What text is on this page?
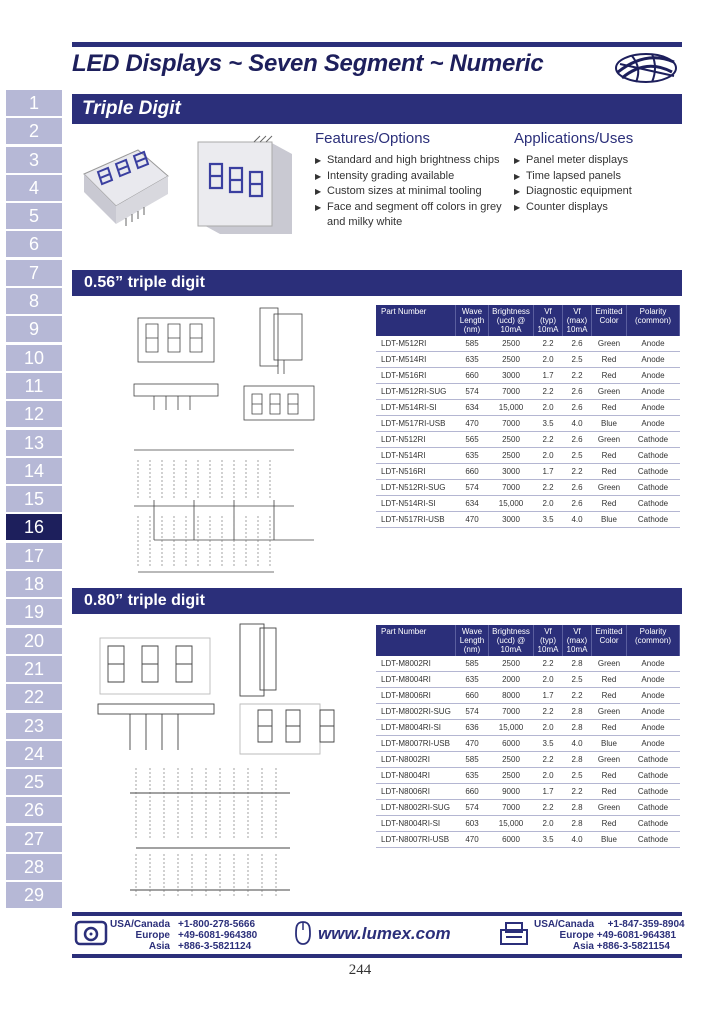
LED Displays ~ Seven Segment ~ Numeric
1
2
3
4
5
6
7
8
9
10
11
12
13
14
15
16
17
18
19
20
21
22
23
24
25
26
27
28
29
Triple Digit
Features/Options
▶ Standard and high brightness chips
▶ Intensity grading available
▶ Custom sizes at minimal tooling
▶ Face and segment off colors in grey and milky white
Applications/Uses
▶ Panel meter displays
▶ Time lapsed panels
▶ Diagnostic equipment
▶ Counter displays
0.56” triple digit
Part Number	Wave Length (nm)	Brightness (ucd) @ 10mA	Vf (typ) 10mA	Vf (max) 10mA	Emitted Color	Polarity (common)
LDT-M512RI	585	2500	2.2	2.6	Green	Anode
LDT-M514RI	635	2500	2.0	2.5	Red	Anode
LDT-M516RI	660	3000	1.7	2.2	Red	Anode
LDT-M512RI-SUG	574	7000	2.2	2.6	Green	Anode
LDT-M514RI-SI	634	15,000	2.0	2.6	Red	Anode
LDT-M517RI-USB	470	7000	3.5	4.0	Blue	Anode
LDT-N512RI	565	2500	2.2	2.6	Green	Cathode
LDT-N514RI	635	2500	2.0	2.5	Red	Cathode
LDT-N516RI	660	3000	1.7	2.2	Red	Cathode
LDT-N512RI-SUG	574	7000	2.2	2.6	Green	Cathode
LDT-N514RI-SI	634	15,000	2.0	2.6	Red	Cathode
LDT-N517RI-USB	470	3000	3.5	4.0	Blue	Cathode
0.80” triple digit
Part Number	Wave Length (nm)	Brightness (ucd) @ 10mA	Vf (typ) 10mA	Vf (max) 10mA	Emitted Color	Polarity (common)
LDT-M8002RI	585	2500	2.2	2.8	Green	Anode
LDT-M8004RI	635	2000	2.0	2.5	Red	Anode
LDT-M8006RI	660	8000	1.7	2.2	Red	Anode
LDT-M8002RI-SUG	574	7000	2.2	2.8	Green	Anode
LDT-M8004RI-SI	636	15,000	2.0	2.8	Red	Anode
LDT-M8007RI-USB	470	6000	3.5	4.0	Blue	Anode
LDT-N8002RI	585	2500	2.2	2.8	Green	Cathode
LDT-N8004RI	635	2500	2.0	2.5	Red	Cathode
LDT-N8006RI	660	9000	1.7	2.2	Red	Cathode
LDT-N8002RI-SUG	574	7000	2.2	2.8	Green	Cathode
LDT-N8004RI-SI	603	15,000	2.0	2.8	Red	Cathode
LDT-N8007RI-USB	470	6000	3.5	4.0	Blue	Cathode
USA/Canada +1-800-278-5666
Europe +49-6081-964380
Asia +886-3-5821124
www.lumex.com	USA/Canada +1-847-359-8904
Europe +49-6081-964381
Asia +886-3-5821154
244
